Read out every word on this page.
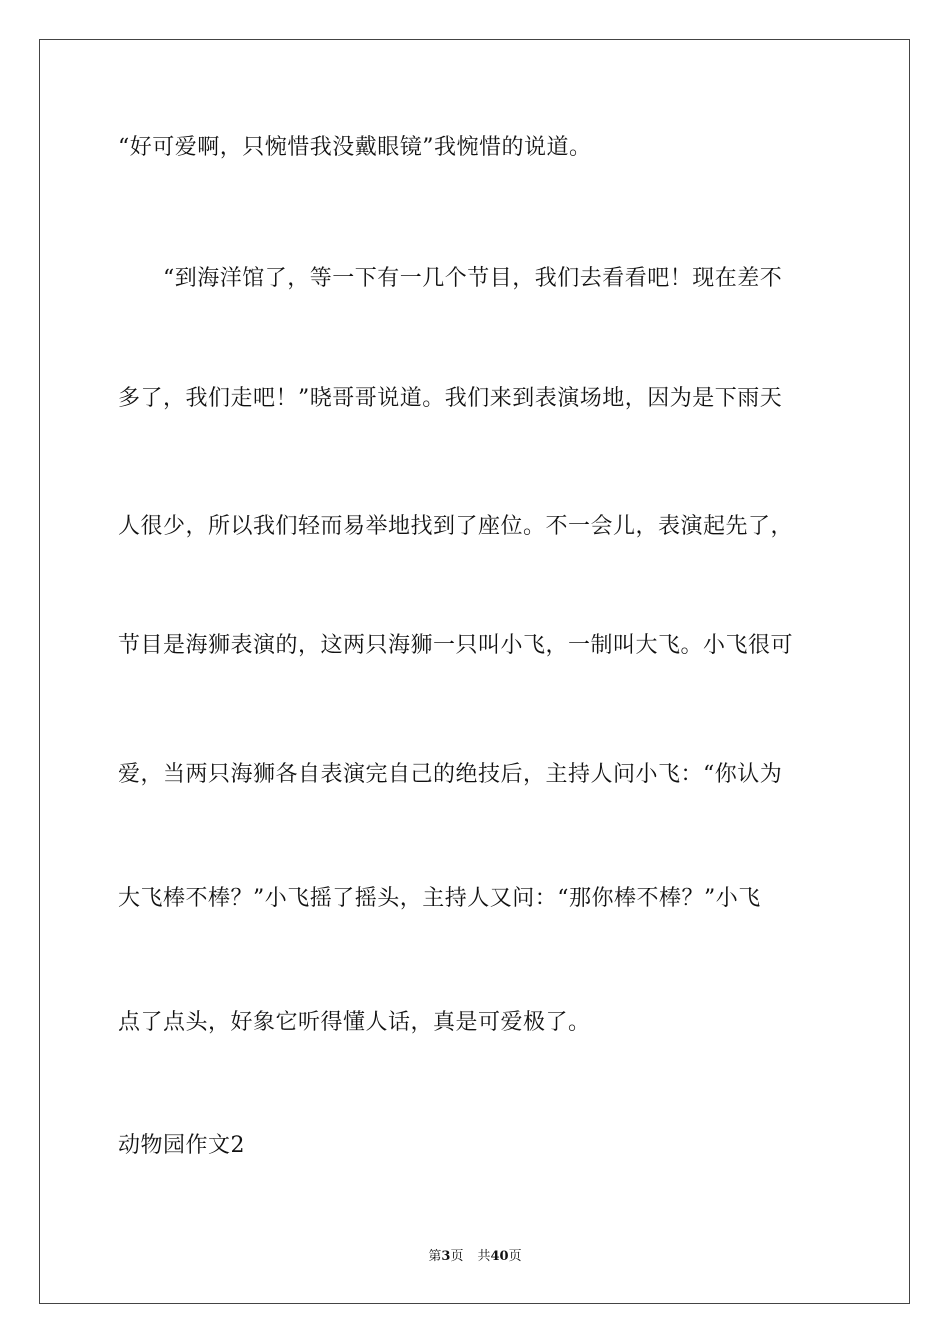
“好可爱啊，只惋惜我没戴眼镜”我惋惜的说道。
　　“到海洋馆了，等一下有一几个节目，我们去看看吧！现在差不
多了，我们走吧！”晓哥哥说道。我们来到表演场地，因为是下雨天
人很少，所以我们轻而易举地找到了座位。不一会儿，表演起先了，
节目是海狮表演的，这两只海狮一只叫小飞，一制叫大飞。小飞很可
爱，当两只海狮各自表演完自己的绝技后，主持人问小飞：“你认为
大飞棒不棒？”小飞摇了摇头，主持人又问：“那你棒不棒？”小飞
点了点头，好象它听得懂人话，真是可爱极了。
动物园作文2
第3页 共40页
